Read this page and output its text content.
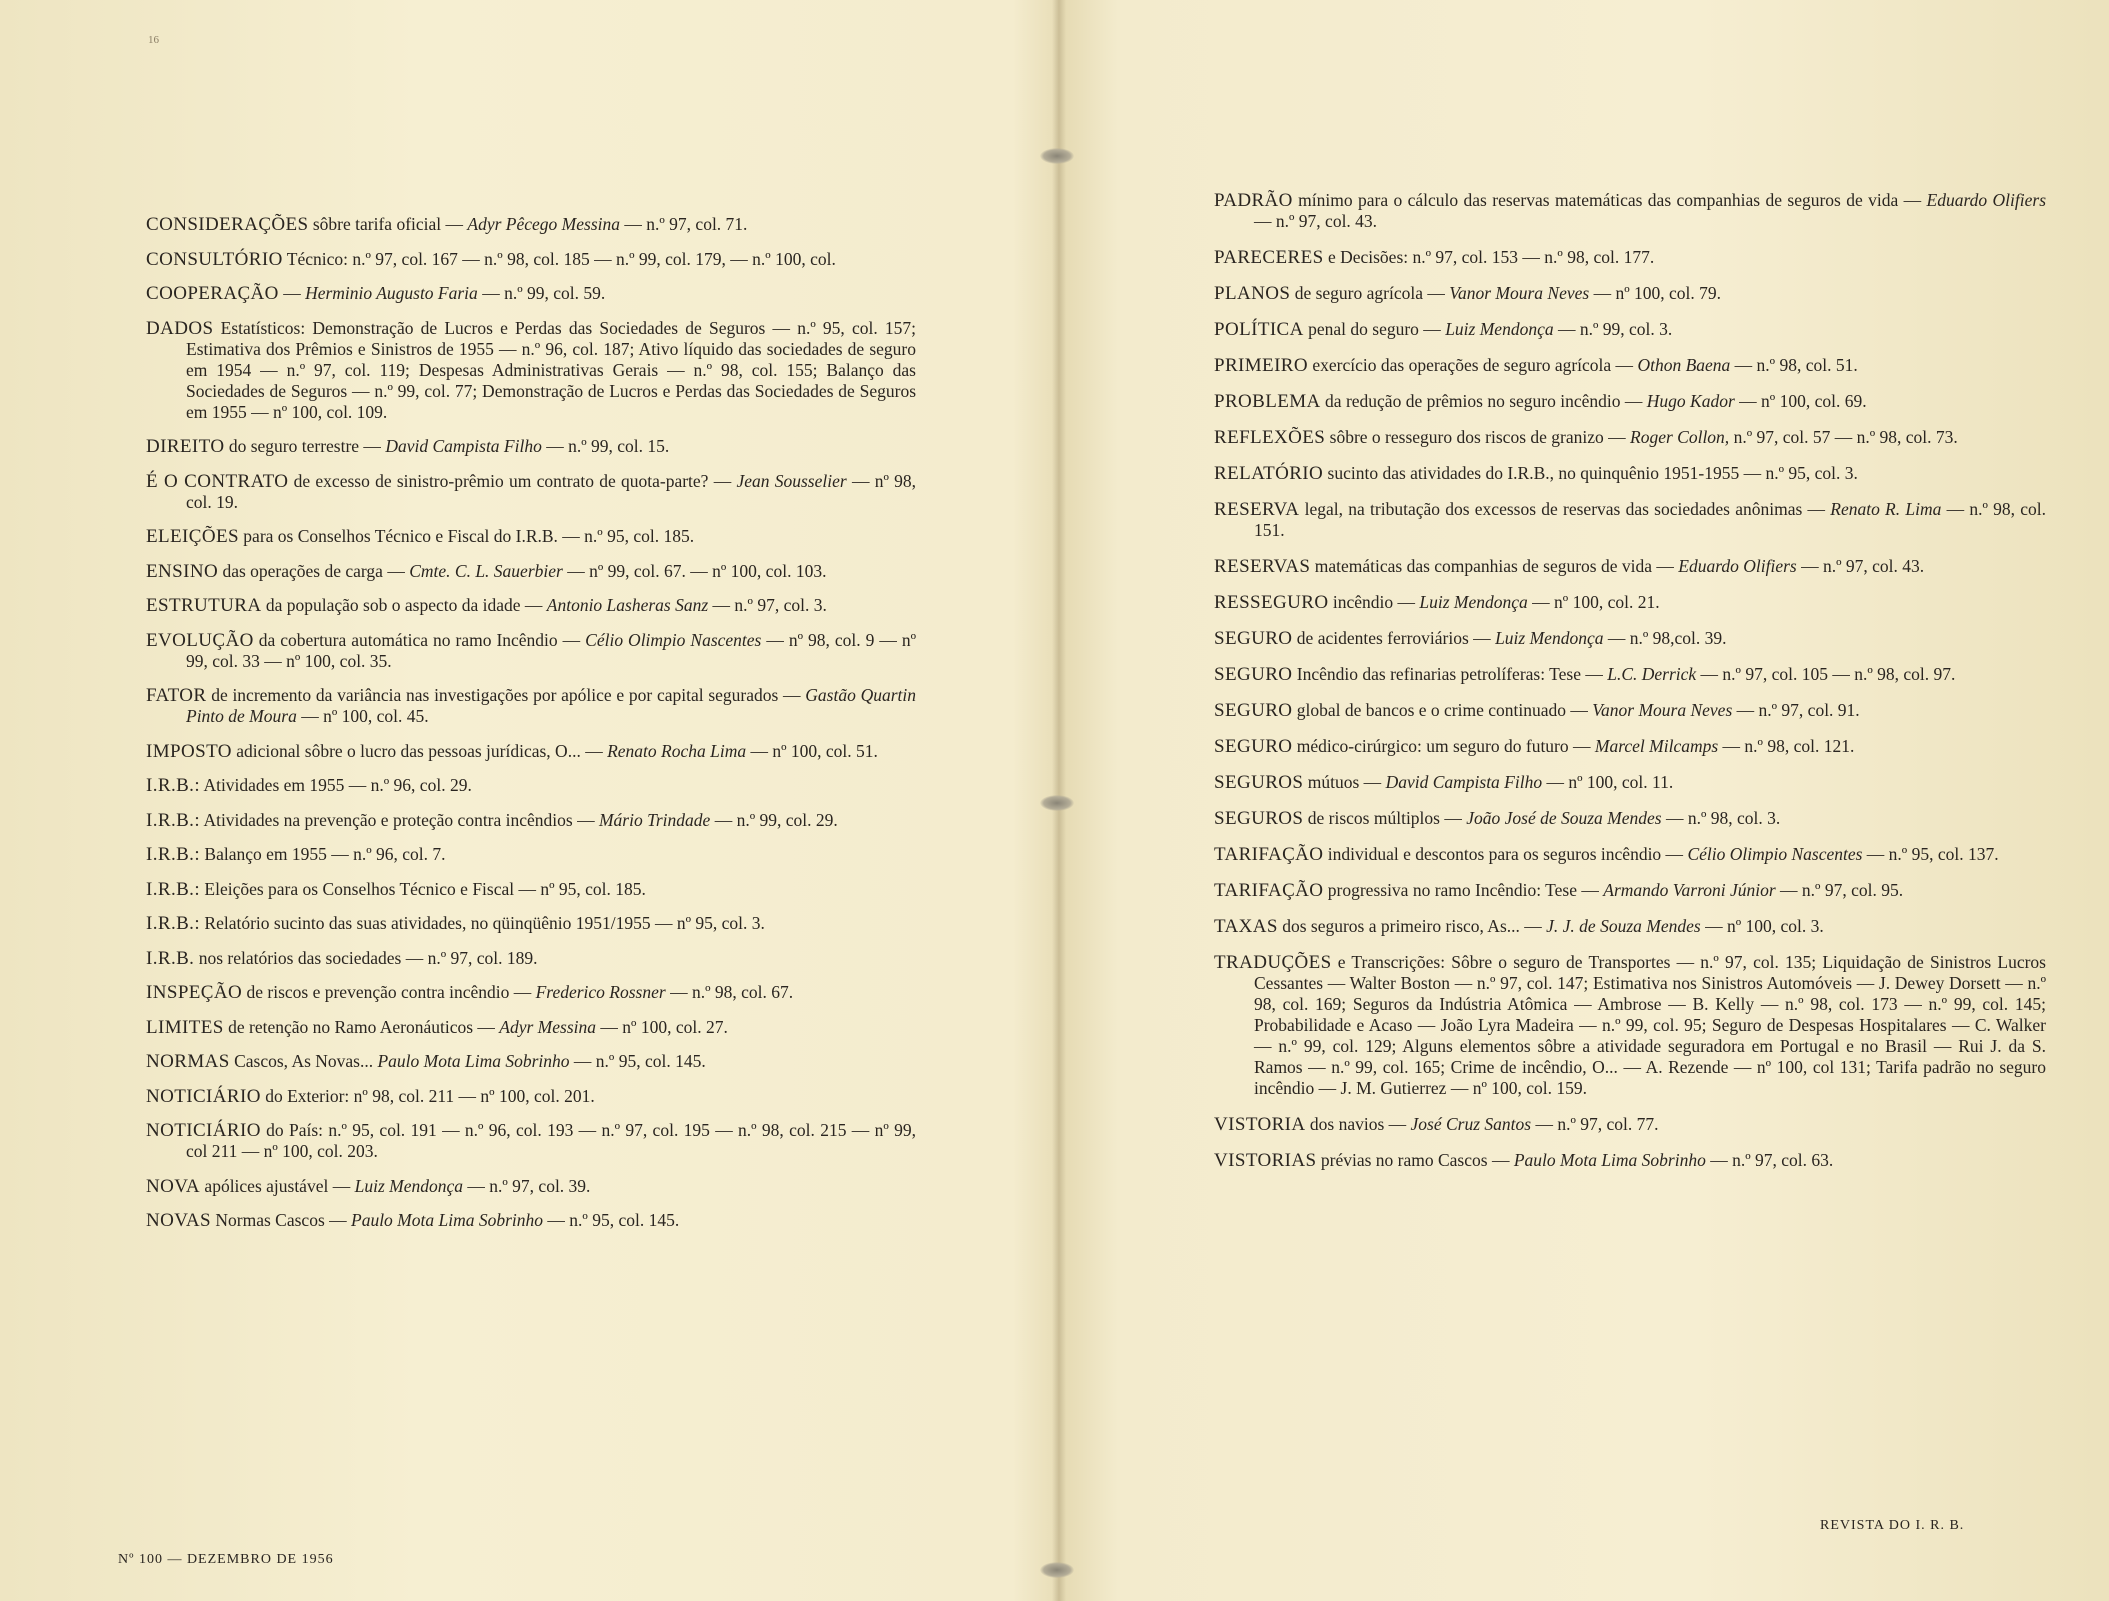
16
CONSIDERAÇÕES sôbre tarifa oficial — Adyr Pêcego Messina — n.º 97, col. 71.
CONSULTÓRIO Técnico: n.º 97, col. 167 — n.º 98, col. 185 — n.º 99, col. 179, — n.º 100, col.
COOPERAÇÃO — Herminio Augusto Faria — n.º 99, col. 59.
DADOS Estatísticos: Demonstração de Lucros e Perdas das Sociedades de Seguros — n.º 95, col. 157; Estimativa dos Prêmios e Sinistros de 1955 — n.º 96, col. 187; Ativo líquido das sociedades de seguro em 1954 — n.º 97, col. 119; Despesas Administrativas Gerais — n.º 98, col. 155; Balanço das Sociedades de Seguros — n.º 99, col. 77; Demonstração de Lucros e Perdas das Sociedades de Seguros em 1955 — nº 100, col. 109.
DIREITO do seguro terrestre — David Campista Filho — n.º 99, col. 15.
É O CONTRATO de excesso de sinistro-prêmio um contrato de quota-parte? — Jean Sousselier — nº 98, col. 19.
ELEIÇÕES para os Conselhos Técnico e Fiscal do I.R.B. — n.º 95, col. 185.
ENSINO das operações de carga — Cmte. C. L. Sauerbier — nº 99, col. 67. — nº 100, col. 103.
ESTRUTURA da população sob o aspecto da idade — Antonio Lasheras Sanz — n.º 97, col. 3.
EVOLUÇÃO da cobertura automática no ramo Incêndio — Célio Olimpio Nascentes — nº 98, col. 9 — nº 99, col. 33 — nº 100, col. 35.
FATOR de incremento da variância nas investigações por apólice e por capital segurados — Gastão Quartin Pinto de Moura — nº 100, col. 45.
IMPOSTO adicional sôbre o lucro das pessoas jurídicas, O... — Renato Rocha Lima — nº 100, col. 51.
I.R.B.: Atividades em 1955 — n.º 96, col. 29.
I.R.B.: Atividades na prevenção e proteção contra incêndios — Mário Trindade — n.º 99, col. 29.
I.R.B.: Balanço em 1955 — n.º 96, col. 7.
I.R.B.: Eleições para os Conselhos Técnico e Fiscal — nº 95, col. 185.
I.R.B.: Relatório sucinto das suas atividades, no qüinqüênio 1951/1955 — nº 95, col. 3.
I.R.B. nos relatórios das sociedades — n.º 97, col. 189.
INSPEÇÃO de riscos e prevenção contra incêndio — Frederico Rossner — n.º 98, col. 67.
LIMITES de retenção no Ramo Aeronáuticos — Adyr Messina — nº 100, col. 27.
NORMAS Cascos, As Novas... Paulo Mota Lima Sobrinho — n.º 95, col. 145.
NOTICIÁRIO do Exterior: nº 98, col. 211 — nº 100, col. 201.
NOTICIÁRIO do País: n.º 95, col. 191 — n.º 96, col. 193 — n.º 97, col. 195 — n.º 98, col. 215 — nº 99, col 211 — nº 100, col. 203.
NOVA apólices ajustável — Luiz Mendonça — n.º 97, col. 39.
NOVAS Normas Cascos — Paulo Mota Lima Sobrinho — n.º 95, col. 145.
Nº 100 — DEZEMBRO DE 1956
PADRÃO mínimo para o cálculo das reservas matemáticas das companhias de seguros de vida — Eduardo Olifiers — n.º 97, col. 43.
PARECERES e Decisões: n.º 97, col. 153 — n.º 98, col. 177.
PLANOS de seguro agrícola — Vanor Moura Neves — nº 100, col. 79.
POLÍTICA penal do seguro — Luiz Mendonça — n.º 99, col. 3.
PRIMEIRO exercício das operações de seguro agrícola — Othon Baena — n.º 98, col. 51.
PROBLEMA da redução de prêmios no seguro incêndio — Hugo Kador — nº 100, col. 69.
REFLEXÕES sôbre o resseguro dos riscos de granizo — Roger Collon, n.º 97, col. 57 — n.º 98, col. 73.
RELATÓRIO sucinto das atividades do I.R.B., no quinquênio 1951-1955 — n.º 95, col. 3.
RESERVA legal, na tributação dos excessos de reservas das sociedades anônimas — Renato R. Lima — n.º 98, col. 151.
RESERVAS matemáticas das companhias de seguros de vida — Eduardo Olifiers — n.º 97, col. 43.
RESSEGURO incêndio — Luiz Mendonça — nº 100, col. 21.
SEGURO de acidentes ferroviários — Luiz Mendonça — n.º 98,col. 39.
SEGURO Incêndio das refinarias petrolíferas: Tese — L.C. Derrick — n.º 97, col. 105 — n.º 98, col. 97.
SEGURO global de bancos e o crime continuado — Vanor Moura Neves — n.º 97, col. 91.
SEGURO médico-cirúrgico: um seguro do futuro — Marcel Milcamps — n.º 98, col. 121.
SEGUROS mútuos — David Campista Filho — nº 100, col. 11.
SEGUROS de riscos múltiplos — João José de Souza Mendes — n.º 98, col. 3.
TARIFAÇÃO individual e descontos para os seguros incêndio — Célio Olimpio Nascentes — n.º 95, col. 137.
TARIFAÇÃO progressiva no ramo Incêndio: Tese — Armando Varroni Júnior — n.º 97, col. 95.
TAXAS dos seguros a primeiro risco, As... — J. J. de Souza Mendes — nº 100, col. 3.
TRADUÇÕES e Transcrições: Sôbre o seguro de Transportes — n.º 97, col. 135; Liquidação de Sinistros Lucros Cessantes — Walter Boston — n.º 97, col. 147; Estimativa nos Sinistros Automóveis — J. Dewey Dorsett — n.º 98, col. 169; Seguros da Indústria Atômica — Ambrose — B. Kelly — n.º 98, col. 173 — n.º 99, col. 145; Probabilidade e Acaso — João Lyra Madeira — n.º 99, col. 95; Seguro de Despesas Hospitalares — C. Walker — n.º 99, col. 129; Alguns elementos sôbre a atividade seguradora em Portugal e no Brasil — Rui J. da S. Ramos — n.º 99, col. 165; Crime de incêndio, O... — A. Rezende — nº 100, col 131; Tarifa padrão no seguro incêndio — J. M. Gutierrez — nº 100, col. 159.
VISTORIA dos navios — José Cruz Santos — n.º 97, col. 77.
VISTORIAS prévias no ramo Cascos — Paulo Mota Lima Sobrinho — n.º 97, col. 63.
REVISTA DO I. R. B.
